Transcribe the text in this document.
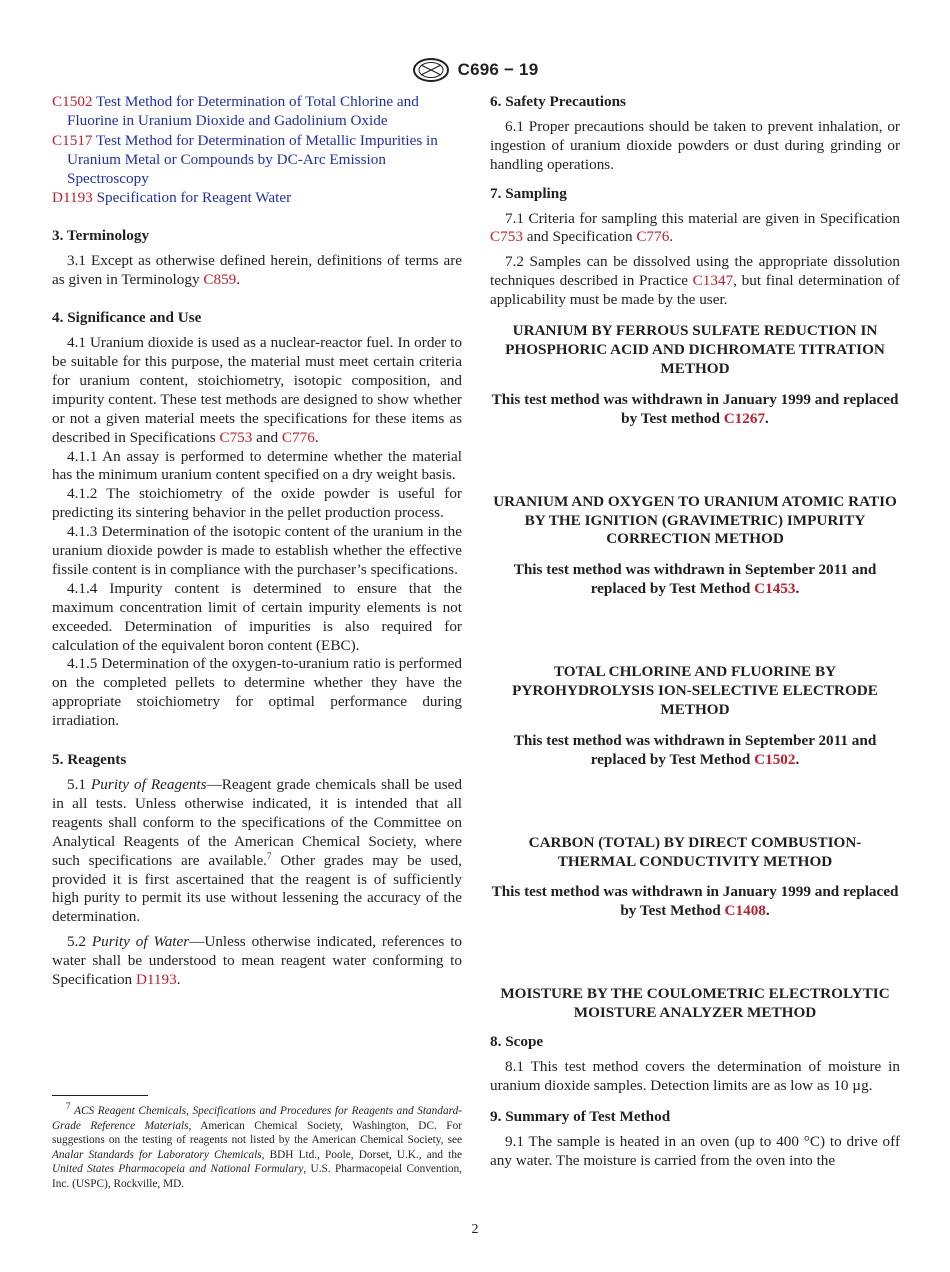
C696 − 19

C1502 Test Method for Determination of Total Chlorine and Fluorine in Uranium Dioxide and Gadolinium Oxide

C1517 Test Method for Determination of Metallic Impurities in Uranium Metal or Compounds by DC-Arc Emission Spectroscopy

D1193 Specification for Reagent Water

3. Terminology

3.1 Except as otherwise defined herein, definitions of terms are as given in Terminology C859.

4. Significance and Use

4.1 Uranium dioxide is used as a nuclear-reactor fuel. In order to be suitable for this purpose, the material must meet certain criteria for uranium content, stoichiometry, isotopic composition, and impurity content. These test methods are designed to show whether or not a given material meets the specifications for these items as described in Specifications C753 and C776.

4.1.1 An assay is performed to determine whether the material has the minimum uranium content specified on a dry weight basis.

4.1.2 The stoichiometry of the oxide powder is useful for predicting its sintering behavior in the pellet production process.

4.1.3 Determination of the isotopic content of the uranium in the uranium dioxide powder is made to establish whether the effective fissile content is in compliance with the purchaser’s specifications.

4.1.4 Impurity content is determined to ensure that the maximum concentration limit of certain impurity elements is not exceeded. Determination of impurities is also required for calculation of the equivalent boron content (EBC).

4.1.5 Determination of the oxygen-to-uranium ratio is performed on the completed pellets to determine whether they have the appropriate stoichiometry for optimal performance during irradiation.

5. Reagents

5.1 Purity of Reagents—Reagent grade chemicals shall be used in all tests. Unless otherwise indicated, it is intended that all reagents shall conform to the specifications of the Committee on Analytical Reagents of the American Chemical Society, where such specifications are available.$^7$ Other grades may be used, provided it is first ascertained that the reagent is of sufficiently high purity to permit its use without lessening the accuracy of the determination.

5.2 Purity of Water—Unless otherwise indicated, references to water shall be understood to mean reagent water conforming to Specification D1193.

$^7$ ACS Reagent Chemicals, Specifications and Procedures for Reagents and Standard-Grade Reference Materials, American Chemical Society, Washington, DC. For suggestions on the testing of reagents not listed by the American Chemical Society, see Analar Standards for Laboratory Chemicals, BDH Ltd., Poole, Dorset, U.K., and the United States Pharmacopeia and National Formulary, U.S. Pharmacopeial Convention, Inc. (USPC), Rockville, MD.

6. Safety Precautions

6.1 Proper precautions should be taken to prevent inhalation, or ingestion of uranium dioxide powders or dust during grinding or handling operations.

7. Sampling

7.1 Criteria for sampling this material are given in Specification C753 and Specification C776.

7.2 Samples can be dissolved using the appropriate dissolution techniques described in Practice C1347, but final determination of applicability must be made by the user.

URANIUM BY FERROUS SULFATE REDUCTION IN PHOSPHORIC ACID AND DICHROMATE TITRATION METHOD

This test method was withdrawn in January 1999 and replaced by Test method C1267.

URANIUM AND OXYGEN TO URANIUM ATOMIC RATIO BY THE IGNITION (GRAVIMETRIC) IMPURITY CORRECTION METHOD

This test method was withdrawn in September 2011 and replaced by Test Method C1453.

TOTAL CHLORINE AND FLUORINE BY PYROHYDROLYSIS ION-SELECTIVE ELECTRODE METHOD

This test method was withdrawn in September 2011 and replaced by Test Method C1502.

CARBON (TOTAL) BY DIRECT COMBUSTION-THERMAL CONDUCTIVITY METHOD

This test method was withdrawn in January 1999 and replaced by Test Method C1408.

MOISTURE BY THE COULOMETRIC ELECTROLYTIC MOISTURE ANALYZER METHOD

8. Scope

8.1 This test method covers the determination of moisture in uranium dioxide samples. Detection limits are as low as 10 µg.

9. Summary of Test Method

9.1 The sample is heated in an oven (up to 400 °C) to drive off any water. The moisture is carried from the oven into the

2
